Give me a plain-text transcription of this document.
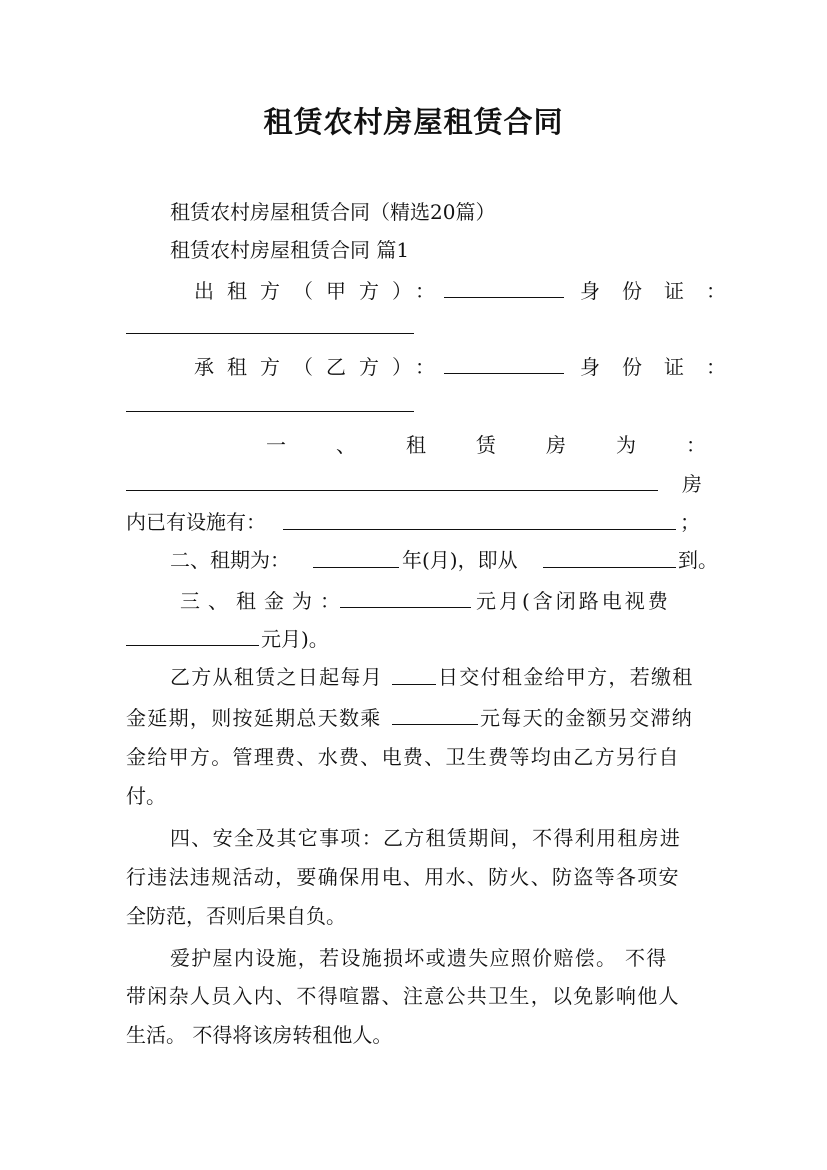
租赁农村房屋租赁合同
租赁农村房屋租赁合同（精选20篇）
租赁农村房屋租赁合同 篇1
出租方（甲方）：	身份证：
承租方（乙方）：	身份证：
一、租赁房为：
房
内已有设施有：	；
二、租期为：	年(月)，即从	到。
三、租金为：	元月(含闭路电视费
元月)。
乙方从租赁之日起每月	日交付租金给甲方，若缴租
金延期，则按延期总天数乘	元每天的金额另交滞纳
金给甲方。管理费、水费、电费、卫生费等均由乙方另行自
付。
四、安全及其它事项：乙方租赁期间，不得利用租房进
行违法违规活动，要确保用电、用水、防火、防盗等各项安
全防范，否则后果自负。
爱护屋内设施，若设施损坏或遗失应照价赔偿。 不得
带闲杂人员入内、不得喧嚣、注意公共卫生，以免影响他人
生活。 不得将该房转租他人。
